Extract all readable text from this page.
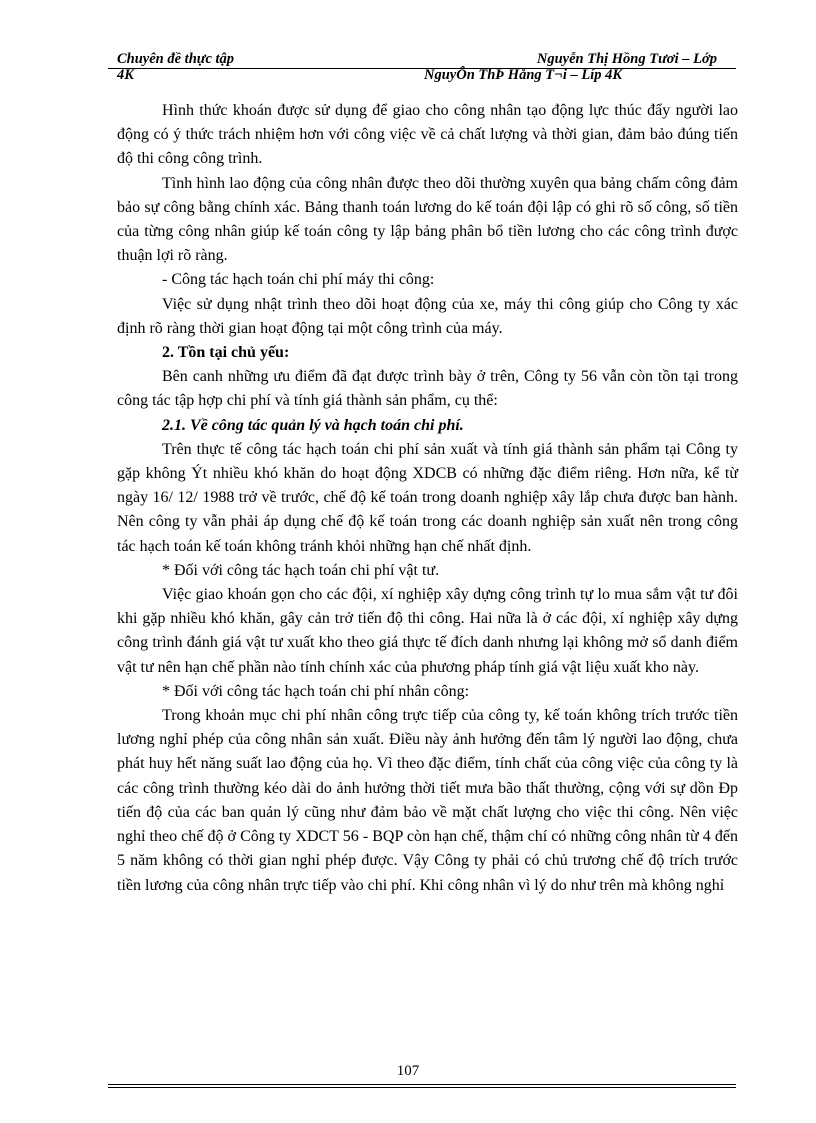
Chuyên đề thực tập	Nguyễn Thị Hồng Tươi – Lớp
4K	NguyÔn ThÞ Hång T¬i – Líp 4K

Hình thức khoán được sử dụng để giao cho công nhân tạo động lực thúc đẩy người lao động có ý thức trách nhiệm hơn với công việc về cả chất lượng và thời gian, đảm bảo đúng tiến độ thi công công trình.

Tình hình lao động của công nhân được theo dõi thường xuyên qua bảng chấm công đảm bảo sự công bằng chính xác. Bảng thanh toán lương do kế toán đội lập có ghi rõ số công, số tiền của từng công nhân giúp kế toán công ty lập bảng phân bổ tiền lương cho các công trình được thuận lợi rõ ràng.

- Công tác hạch toán chi phí máy thi công:

Việc sử dụng nhật trình theo dõi hoạt động của xe, máy thi công giúp cho Công ty xác định rõ ràng thời gian hoạt động tại một công trình của máy.

2. Tồn tại chủ yếu:

Bên canh những ưu điểm đã đạt được trình bày ở trên, Công ty 56 vẫn còn tồn tại trong công tác tập hợp chi phí và tính giá thành sản phẩm, cụ thể:

2.1. Về công tác quản lý và hạch toán chi phí.

Trên thực tế công tác hạch toán chi phí sản xuất và tính giá thành sản phẩm tại Công ty gặp không Ýt nhiều khó khăn do hoạt động XDCB có những đặc điểm riêng. Hơn nữa, kể từ ngày 16/ 12/ 1988 trở về trước, chế độ kế toán trong doanh nghiệp xây lắp chưa được ban hành. Nên công ty vẫn phải áp dụng chế độ kế toán trong các doanh nghiệp sản xuất nên trong công tác hạch toán kế toán không tránh khỏi những hạn chế nhất định.

* Đối với công tác hạch toán chi phí vật tư.

Việc giao khoán gọn cho các đội, xí nghiệp xây dựng công trình tự lo mua sắm vật tư đôi khi gặp nhiều khó khăn, gây cản trở tiến độ thi công. Hai nữa là ở các đội, xí nghiệp xây dựng công trình đánh giá vật tư xuất kho theo giá thực tế đích danh nhưng lại không mở sổ danh điểm vật tư nên hạn chế phần nào tính chính xác của phương pháp tính giá vật liệu xuất kho này.

* Đối với công tác hạch toán chi phí nhân công:

Trong khoản mục chi phí nhân công trực tiếp của công ty, kế toán không trích trước tiền lương nghỉ phép của công nhân sản xuất. Điều này ảnh hưởng đến tâm lý người lao động, chưa phát huy hết năng suất lao động của họ. Vì theo đặc điểm, tính chất của công việc của công ty là các công trình thường kéo dài do ảnh hưởng thời tiết mưa bão thất thường, cộng với sự dồn Ðp tiến độ của các ban quản lý cũng như đảm bảo về mặt chất lượng cho việc thi công. Nên việc nghỉ theo chế độ ở Công ty XDCT 56 - BQP còn hạn chế, thậm chí có những công nhân từ 4 đến 5 năm không có thời gian nghỉ phép được. Vậy Công ty phải có chủ trương chế độ trích trước tiền lương của công nhân trực tiếp vào chi phí. Khi công nhân vì lý do như trên mà không nghỉ

107
